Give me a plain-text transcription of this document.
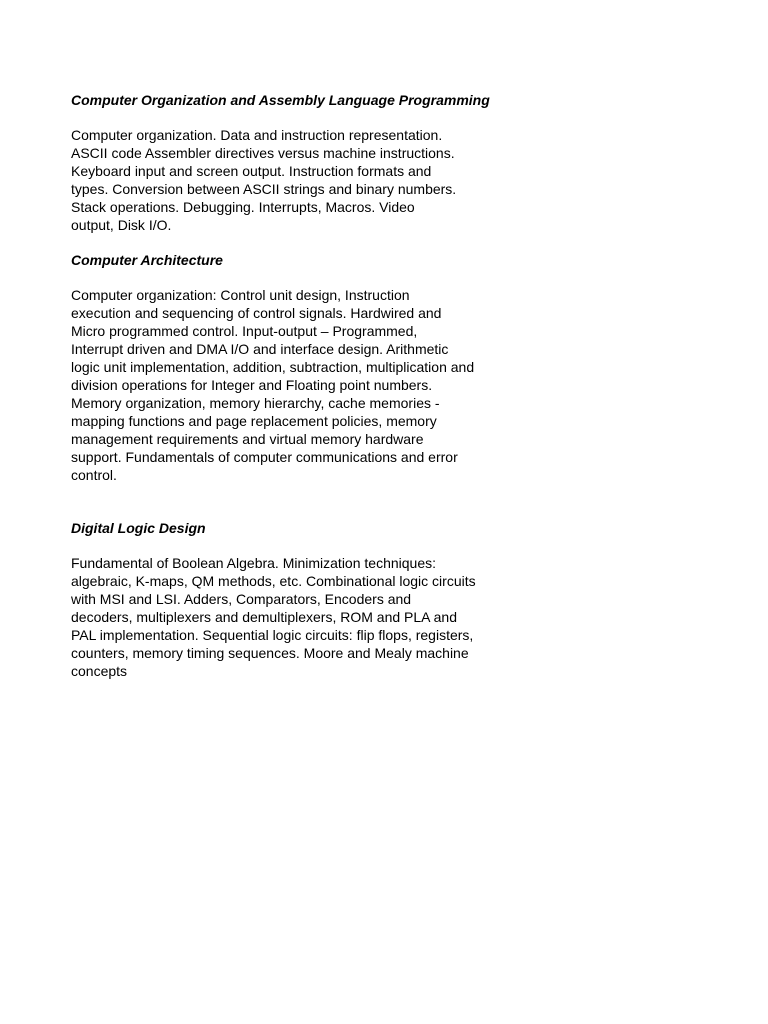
Computer Organization and Assembly Language Programming

Computer organization. Data and instruction representation.
ASCII code Assembler directives versus machine instructions.
Keyboard input and screen output. Instruction formats and
types. Conversion between ASCII strings and binary numbers.
Stack operations. Debugging. Interrupts, Macros. Video
output, Disk I/O.

Computer Architecture

Computer organization: Control unit design, Instruction
execution and sequencing of control signals. Hardwired and
Micro programmed control. Input-output – Programmed,
Interrupt driven and DMA I/O and interface design. Arithmetic
logic unit implementation, addition, subtraction, multiplication and
division operations for Integer and Floating point numbers.
Memory organization, memory hierarchy, cache memories -
mapping functions and page replacement policies, memory
management requirements and virtual memory hardware
support. Fundamentals of computer communications and error
control.

Digital Logic Design

Fundamental of Boolean Algebra. Minimization techniques:
algebraic, K-maps, QM methods, etc. Combinational logic circuits
with MSI and LSI. Adders, Comparators, Encoders and
decoders, multiplexers and demultiplexers, ROM and PLA and
PAL implementation. Sequential logic circuits: flip flops, registers,
counters, memory timing sequences. Moore and Mealy machine
concepts
